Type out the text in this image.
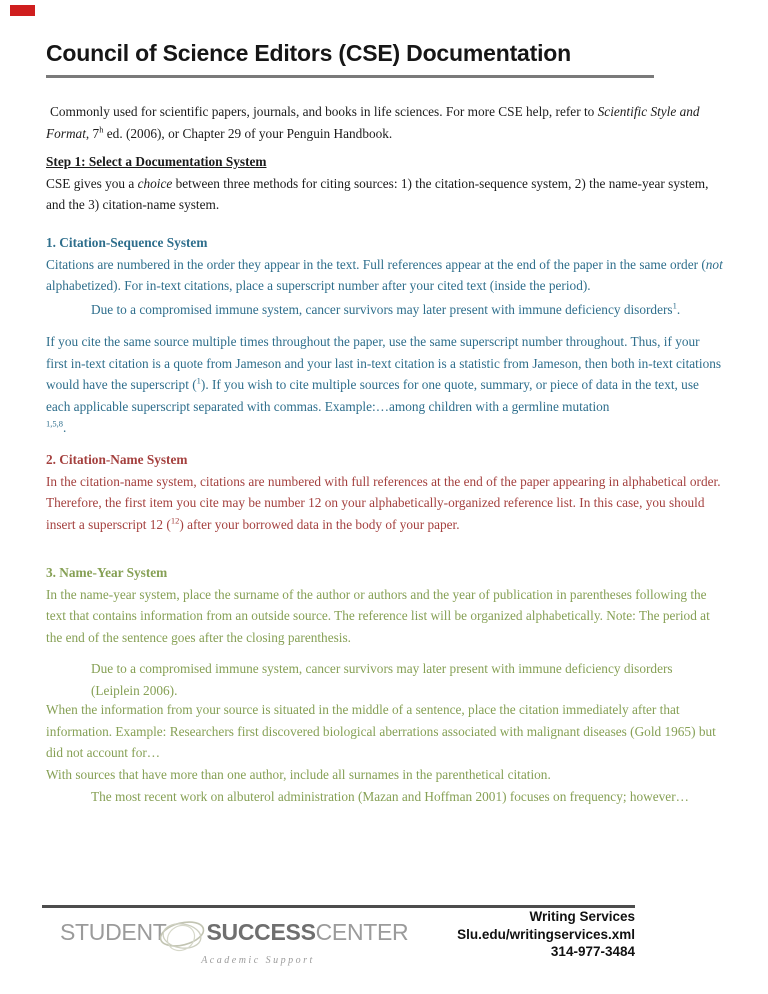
Council of Science Editors (CSE) Documentation
Commonly used for scientific papers, journals, and books in life sciences. For more CSE help, refer to Scientific Style and Format, 7$^h$ ed. (2006), or Chapter 29 of your Penguin Handbook.
Step 1: Select a Documentation System
CSE gives you a choice between three methods for citing sources: 1) the citation-sequence system, 2) the name-year system, and the 3) citation-name system.
1. Citation-Sequence System
Citations are numbered in the order they appear in the text. Full references appear at the end of the paper in the same order (not alphabetized). For in-text citations, place a superscript number after your cited text (inside the period).
Due to a compromised immune system, cancer survivors may later present with immune deficiency disorders$^1$.
If you cite the same source multiple times throughout the paper, use the same superscript number throughout. Thus, if your first in-text citation is a quote from Jameson and your last in-text citation is a statistic from Jameson, then both in-text citations would have the superscript ($^1$). If you wish to cite multiple sources for one quote, summary, or piece of data in the text, use each applicable superscript separated with commas. Example:…among children with a germline mutation
$^{1,5,8}$.
2. Citation-Name System
In the citation-name system, citations are numbered with full references at the end of the paper appearing in alphabetical order. Therefore, the first item you cite may be number 12 on your alphabetically-organized reference list. In this case, you should insert a superscript 12 ($^{12}$) after your borrowed data in the body of your paper.
3. Name-Year System
In the name-year system, place the surname of the author or authors and the year of publication in parentheses following the text that contains information from an outside source. The reference list will be organized alphabetically. Note: The period at the end of the sentence goes after the closing parenthesis.
Due to a compromised immune system, cancer survivors may later present with immune deficiency disorders (Leiplein 2006).
When the information from your source is situated in the middle of a sentence, place the citation immediately after that information. Example: Researchers first discovered biological aberrations associated with malignant diseases (Gold 1965) but did not account for…
With sources that have more than one author, include all surnames in the parenthetical citation.
The most recent work on albuterol administration (Mazan and Hoffman 2001) focuses on frequency; however…
STUDENT SUCCESSCENTER
Academic Support
Writing Services
Slu.edu/writingservices.xml
314-977-3484
